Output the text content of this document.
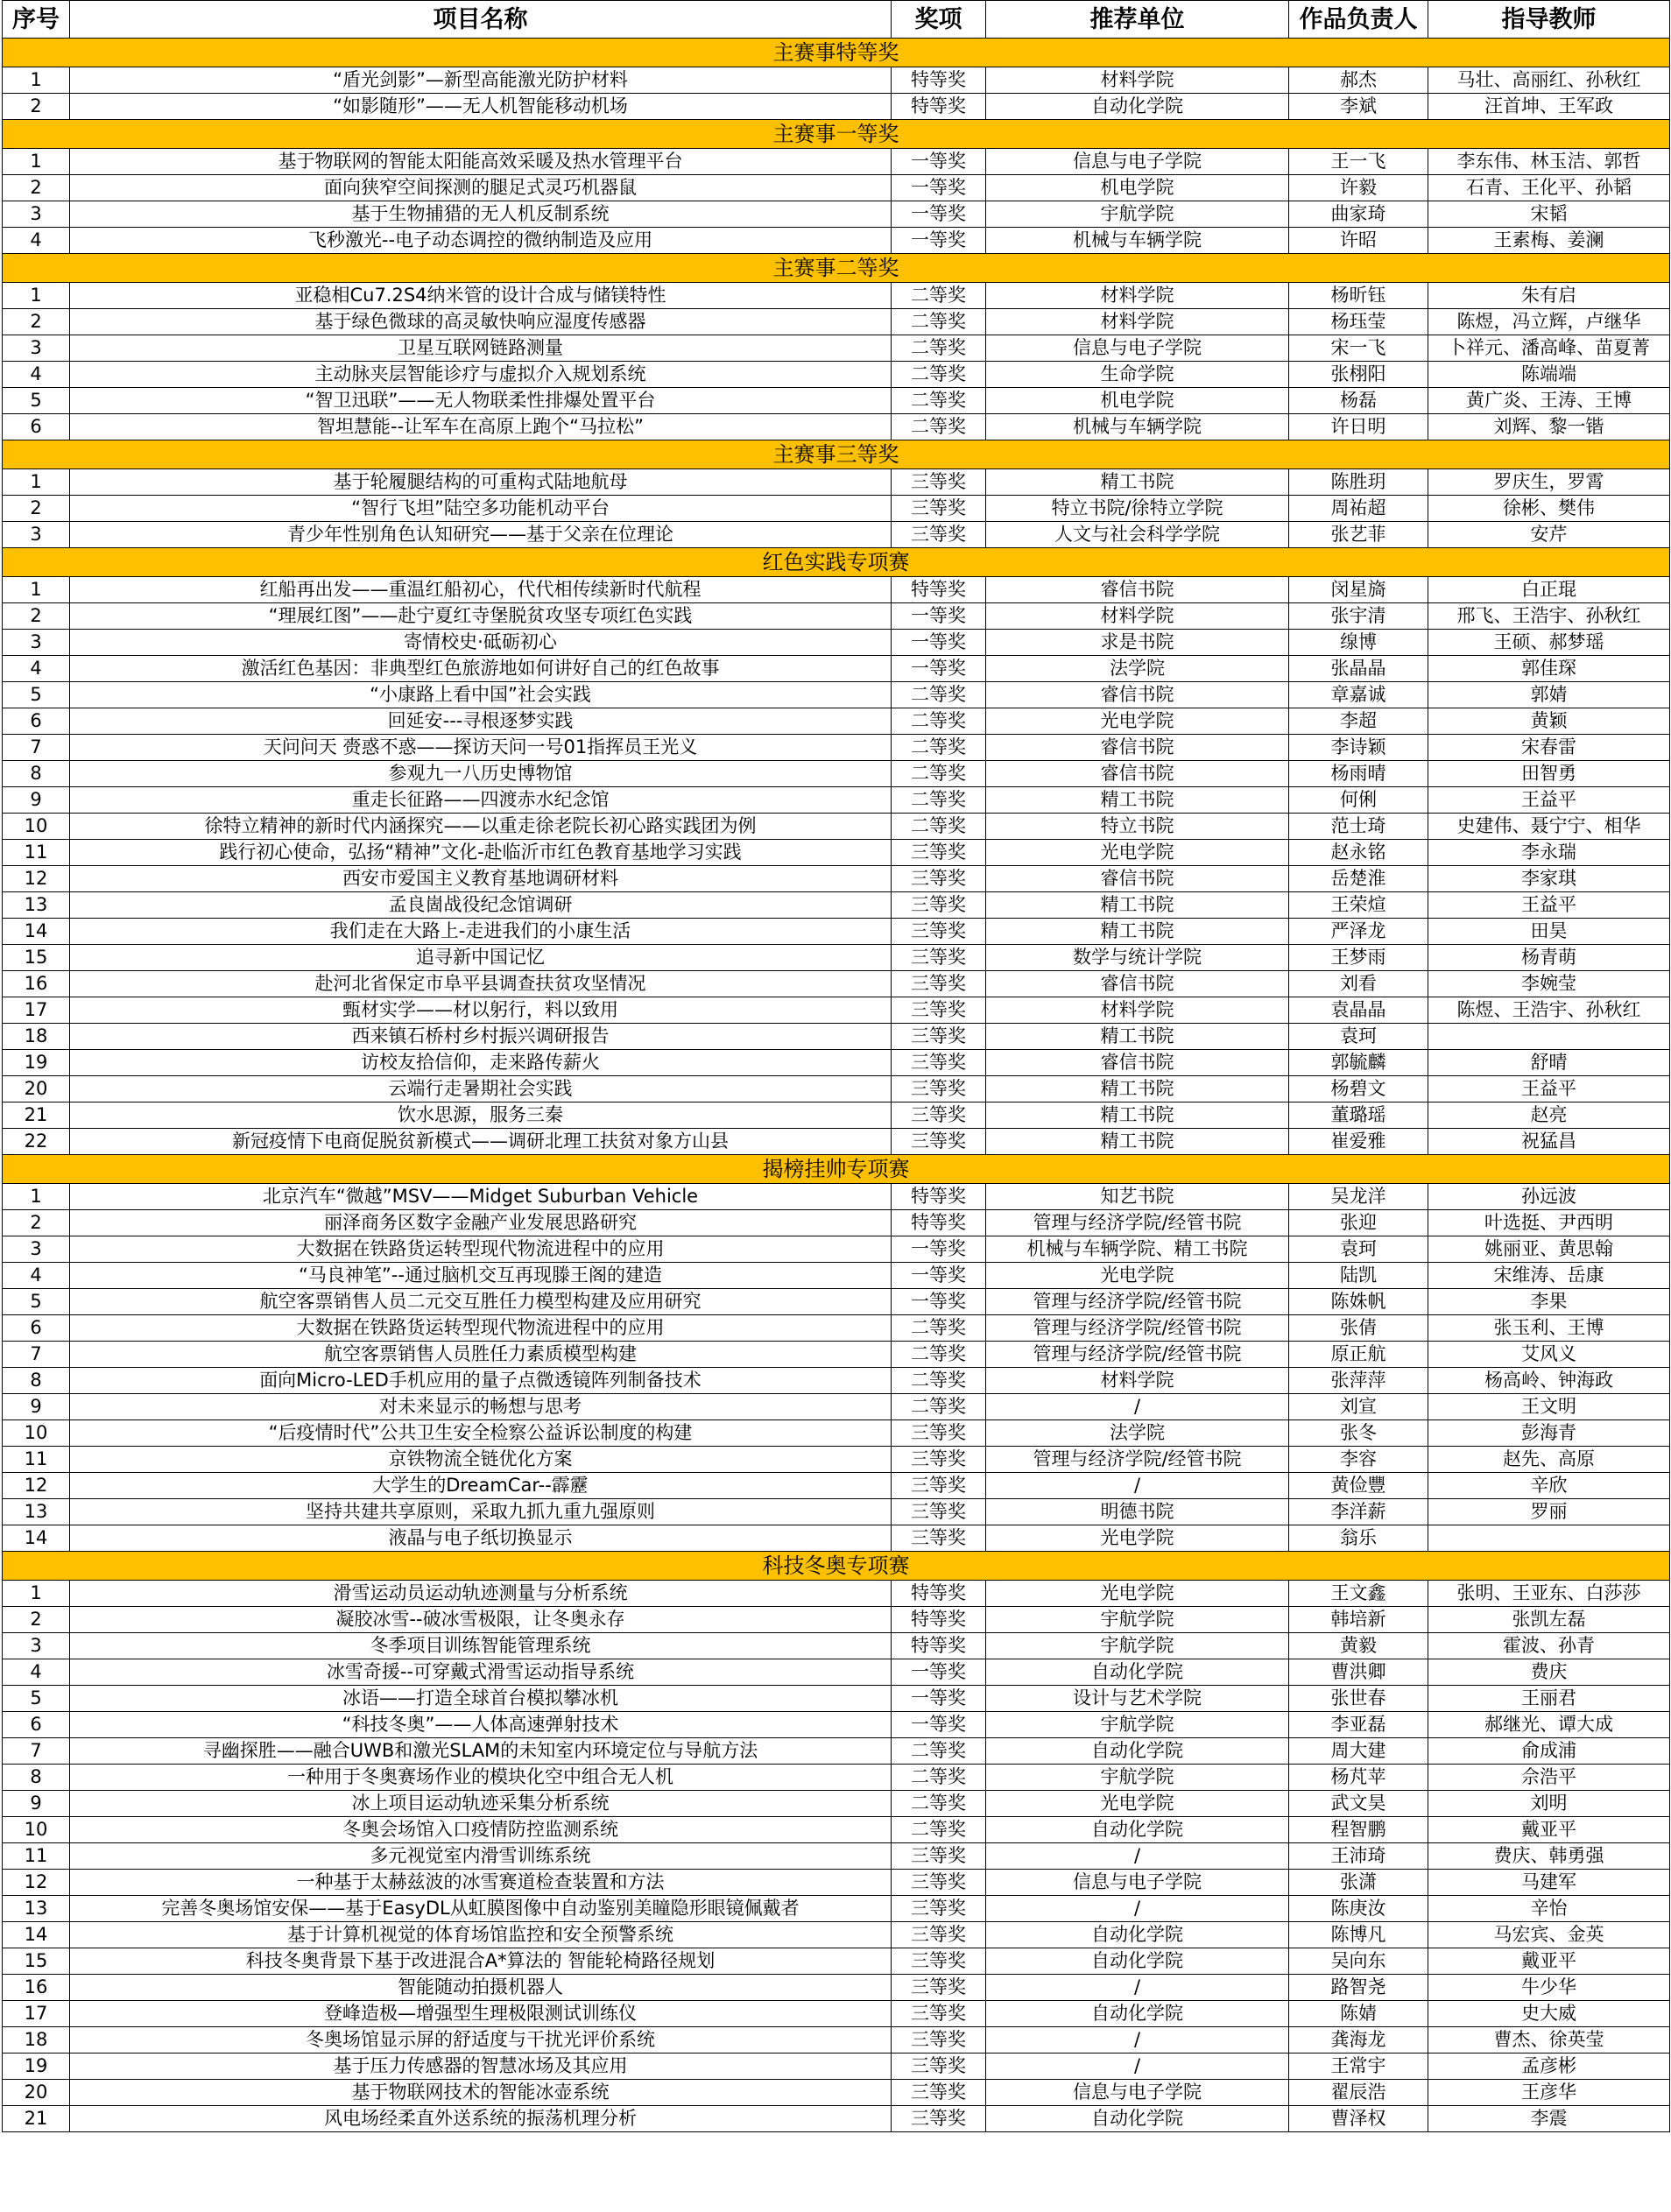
序号	项目名称	奖项	推荐单位	作品负责人	指导教师
主赛事特等奖					
1	“盾光剑影”—新型高能激光防护材料	特等奖	材料学院	郝杰	马壮、高丽红、孙秋红
2	“如影随形”——无人机智能移动机场	特等奖	自动化学院	李斌	汪首坤、王军政
主赛事一等奖					
1	基于物联网的智能太阳能高效采暖及热水管理平台	一等奖	信息与电子学院	王一飞	李东伟、林玉洁、郭哲
2	面向狭窄空间探测的腿足式灵巧机器鼠	一等奖	机电学院	许毅	石青、王化平、孙韬
3	基于生物捕猎的无人机反制系统	一等奖	宇航学院	曲家琦	宋韬
4	飞秒激光--电子动态调控的微纳制造及应用	一等奖	机械与车辆学院	许昭	王素梅、姜澜
主赛事二等奖					
1	亚稳相Cu7.2S4纳米管的设计合成与储镁特性	二等奖	材料学院	杨昕钰	朱有启
2	基于绿色微球的高灵敏快响应湿度传感器	二等奖	材料学院	杨珏莹	陈煜，冯立辉，卢继华
3	卫星互联网链路测量	二等奖	信息与电子学院	宋一飞	卜祥元、潘高峰、苗夏菁
4	主动脉夹层智能诊疗与虚拟介入规划系统	二等奖	生命学院	张栩阳	陈端端
5	“智卫迅联”——无人物联柔性排爆处置平台	二等奖	机电学院	杨磊	黄广炎、王涛、王博
6	智坦慧能--让军车在高原上跑个“马拉松”	二等奖	机械与车辆学院	许日明	刘辉、黎一锴
主赛事三等奖					
1	基于轮履腿结构的可重构式陆地航母	三等奖	精工书院	陈胜玥	罗庆生，罗霄
2	“智行飞坦”陆空多功能机动平台	三等奖	特立书院/徐特立学院	周祐超	徐彬、樊伟
3	青少年性别角色认知研究——基于父亲在位理论	三等奖	人文与社会科学学院	张艺菲	安芹
红色实践专项赛					
1	红船再出发——重温红船初心，代代相传续新时代航程	特等奖	睿信书院	闵星旖	白正琨
2	“理展红图”——赴宁夏红寺堡脱贫攻坚专项红色实践	一等奖	材料学院	张宇清	邢飞、王浩宇、孙秋红
3	寄情校史·砥砺初心	一等奖	求是书院	缐博	王硕、郝梦瑶
4	激活红色基因：非典型红色旅游地如何讲好自己的红色故事	一等奖	法学院	张晶晶	郭佳琛
5	“小康路上看中国”社会实践	二等奖	睿信书院	章嘉诚	郭婧
6	回延安---寻根逐梦实践	二等奖	光电学院	李超	黄颖
7	天问问天 赍惑不惑——探访天问一号01指挥员王光义	二等奖	睿信书院	李诗颖	宋春雷
8	参观九一八历史博物馆	二等奖	睿信书院	杨雨晴	田智勇
9	重走长征路——四渡赤水纪念馆	二等奖	精工书院	何俐	王益平
10	徐特立精神的新时代内涵探究——以重走徐老院长初心路实践团为例	二等奖	特立书院	范士琦	史建伟、聂宁宁、相华
11	践行初心使命，弘扬“精神”文化-赴临沂市红色教育基地学习实践	三等奖	光电学院	赵永铭	李永瑞
12	西安市爱国主义教育基地调研材料	三等奖	睿信书院	岳楚淮	李家琪
13	孟良崮战役纪念馆调研	三等奖	精工书院	王荣煊	王益平
14	我们走在大路上-走进我们的小康生活	三等奖	精工书院	严泽龙	田昊
15	追寻新中国记忆	三等奖	数学与统计学院	王梦雨	杨青萌
16	赴河北省保定市阜平县调查扶贫攻坚情况	三等奖	睿信书院	刘看	李婉莹
17	甄材实学——材以躬行，料以致用	三等奖	材料学院	袁晶晶	陈煜、王浩宇、孙秋红
18	西来镇石桥村乡村振兴调研报告	三等奖	精工书院	袁珂	
19	访校友拾信仰，走来路传薪火	三等奖	睿信书院	郭毓麟	舒晴
20	云端行走暑期社会实践	三等奖	精工书院	杨碧文	王益平
21	饮水思源，服务三秦	三等奖	精工书院	董璐瑶	赵亮
22	新冠疫情下电商促脱贫新模式——调研北理工扶贫对象方山县	三等奖	精工书院	崔爱雅	祝猛昌
揭榜挂帅专项赛					
1	北京汽车“微越”MSV——Midget Suburban Vehicle	特等奖	知艺书院	吴龙洋	孙远波
2	丽泽商务区数字金融产业发展思路研究	特等奖	管理与经济学院/经管书院	张迎	叶选挺、尹西明
3	大数据在铁路货运转型现代物流进程中的应用	一等奖	机械与车辆学院、精工书院	袁珂	姚丽亚、黄思翰
4	“马良神笔”--通过脑机交互再现滕王阁的建造	一等奖	光电学院	陆凯	宋维涛、岳康
5	航空客票销售人员二元交互胜任力模型构建及应用研究	一等奖	管理与经济学院/经管书院	陈姝帆	李果
6	大数据在铁路货运转型现代物流进程中的应用	二等奖	管理与经济学院/经管书院	张倩	张玉利、王博
7	航空客票销售人员胜任力素质模型构建	二等奖	管理与经济学院/经管书院	原正航	艾风义
8	面向Micro-LED手机应用的量子点微透镜阵列制备技术	二等奖	材料学院	张萍萍	杨高岭、钟海政
9	对未来显示的畅想与思考	二等奖	/	刘宣	王文明
10	“后疫情时代”公共卫生安全检察公益诉讼制度的构建	三等奖	法学院	张冬	彭海青
11	京铁物流全链优化方案	三等奖	管理与经济学院/经管书院	李容	赵先、高原
12	大学生的DreamCar--霹靂	三等奖	/	黄俭豐	辛欣
13	坚持共建共享原则，采取九抓九重九强原则	三等奖	明德书院	李洋薪	罗丽
14	液晶与电子纸切换显示	三等奖	光电学院	翁乐	
科技冬奥专项赛					
1	滑雪运动员运动轨迹测量与分析系统	特等奖	光电学院	王文鑫	张明、王亚东、白莎莎
2	凝胶冰雪--破冰雪极限，让冬奥永存	特等奖	宇航学院	韩培新	张凯左磊
3	冬季项目训练智能管理系统	特等奖	宇航学院	黄毅	霍波、孙青
4	冰雪奇援--可穿戴式滑雪运动指导系统	一等奖	自动化学院	曹洪卿	费庆
5	冰语——打造全球首台模拟攀冰机	一等奖	设计与艺术学院	张世春	王丽君
6	“科技冬奥”——人体高速弹射技术	一等奖	宇航学院	李亚磊	郝继光、谭大成
7	寻幽探胜——融合UWB和激光SLAM的未知室内环境定位与导航方法	二等奖	自动化学院	周大建	俞成浦
8	一种用于冬奥赛场作业的模块化空中组合无人机	二等奖	宇航学院	杨芃苹	佘浩平
9	冰上项目运动轨迹采集分析系统	二等奖	光电学院	武文昊	刘明
10	冬奥会场馆入口疫情防控监测系统	二等奖	自动化学院	程智鹏	戴亚平
11	多元视觉室内滑雪训练系统	三等奖	/	王沛琦	费庆、韩勇强
12	一种基于太赫兹波的冰雪赛道检查装置和方法	三等奖	信息与电子学院	张潇	马建军
13	完善冬奥场馆安保——基于EasyDL从虹膜图像中自动鉴别美瞳隐形眼镜佩戴者	三等奖	/	陈庚汝	辛怡
14	基于计算机视觉的体育场馆监控和安全预警系统	三等奖	自动化学院	陈博凡	马宏宾、金英
15	科技冬奥背景下基于改进混合A*算法的 智能轮椅路径规划	三等奖	自动化学院	吴向东	戴亚平
16	智能随动拍摄机器人	三等奖	/	路智尧	牛少华
17	登峰造极—增强型生理极限测试训练仪	三等奖	自动化学院	陈婧	史大威
18	冬奥场馆显示屏的舒适度与干扰光评价系统	三等奖	/	龚海龙	曹杰、徐英莹
19	基于压力传感器的智慧冰场及其应用	三等奖	/	王常宇	孟彦彬
20	基于物联网技术的智能冰壶系统	三等奖	信息与电子学院	翟辰浩	王彦华
21	风电场经柔直外送系统的振荡机理分析	三等奖	自动化学院	曹泽权	李震
